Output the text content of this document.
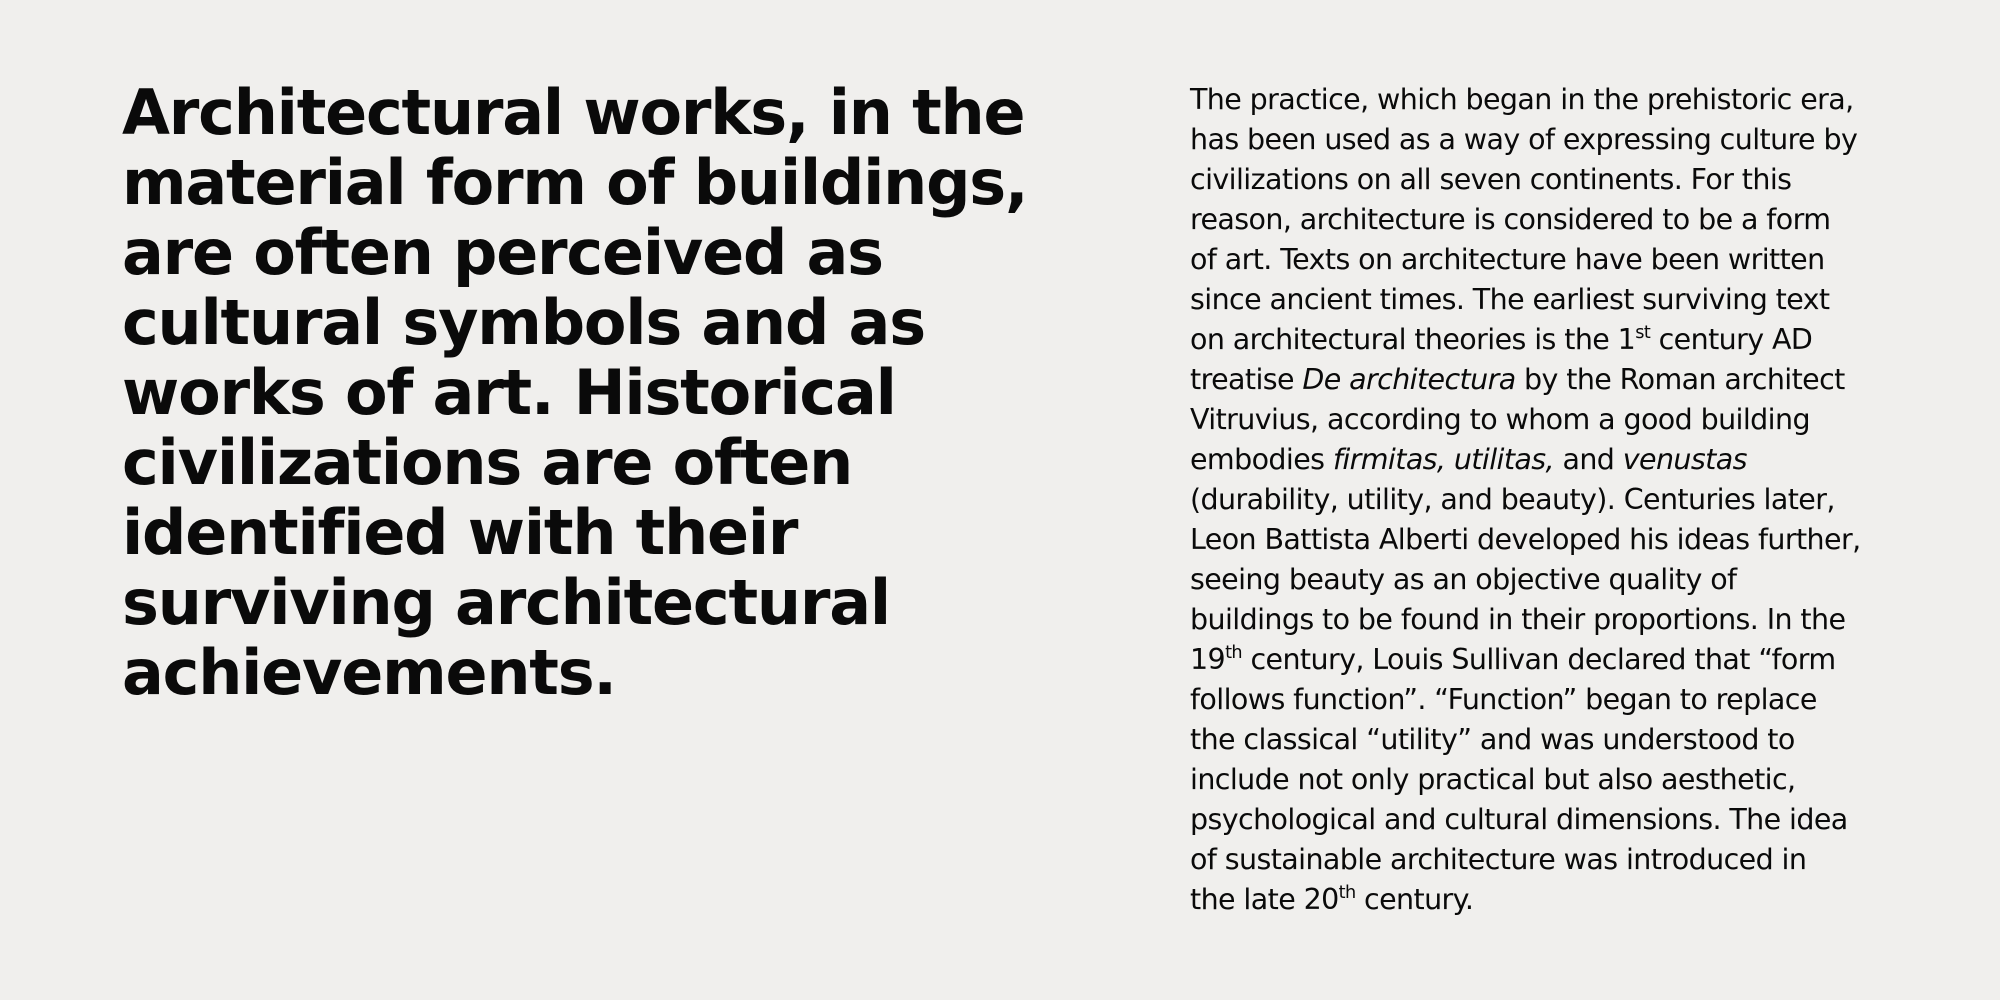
Architectural works, in the
material form of buildings,
are often perceived as
cultural symbols and as
works of art. Historical
civilizations are often
identified with their
surviving architectural
achievements.

The practice, which began in the prehistoric era,
has been used as a way of expressing culture by
civilizations on all seven continents. For this
reason, architecture is considered to be a form
of art. Texts on architecture have been written
since ancient times. The earliest surviving text
on architectural theories is the 1st century AD
treatise De architectura by the Roman architect
Vitruvius, according to whom a good building
embodies firmitas, utilitas, and venustas
(durability, utility, and beauty). Centuries later,
Leon Battista Alberti developed his ideas further,
seeing beauty as an objective quality of
buildings to be found in their proportions. In the
19th century, Louis Sullivan declared that “form
follows function”. “Function” began to replace
the classical “utility” and was understood to
include not only practical but also aesthetic,
psychological and cultural dimensions. The idea
of sustainable architecture was introduced in
the late 20th century.
